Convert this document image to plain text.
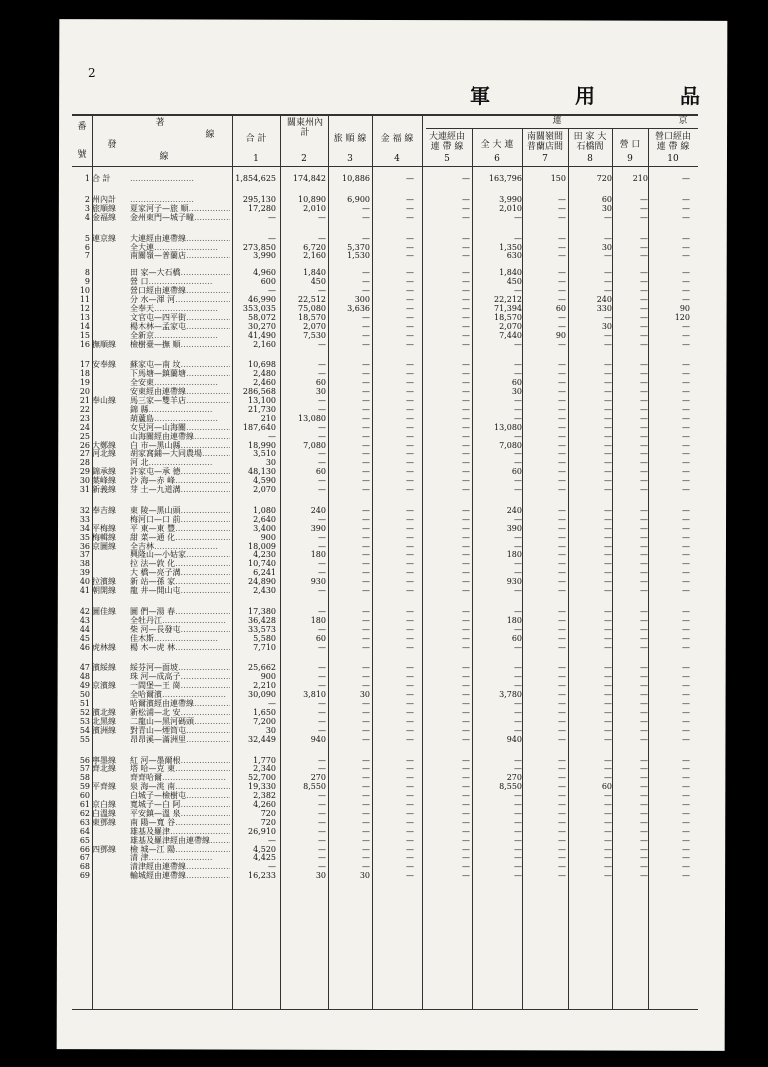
2
軍	用	品
番
號
著
線
發
線
連	京
合 計
1
關東州內 計
2
旅 順 線
3
金 福 線
4
大連經由 連 帶 線
5
全 大 連
6
南關嶺間 普蘭店間
7
田 家 大石橋間
8
營 口
9
營口經由 連 帶 線
10
1 合 計 ……………………	1,854,625	174,842	10,886	—	—	163,796	150	720	210	—
2 州內計 ……………………	295,130	10,890	6,900	—	—	3,990	—	60	—	—
3 旅順線	夏家河子—旅 順 ……………………	17,280	2,010	—	—	—	2,010	—	30	—	—
4 金福線	金州東門—城子疃 ……………………	—	—	—	—	—	—	—	—	—	—
5 連京線	大連經由連帶線 ……………………	—	—	—	—	—	—	—	—	—	—
6	全大連 ……………………	273,850	6,720	5,370	—	—	1,350	—	30	—	—
7	南關嶺—普蘭店 ……………………	3,990	2,160	1,530	—	—	630	—	—	—	—
8	田 家—大石橋 ……………………	4,960	1,840	—	—	—	1,840	—	—	—	—
9	營 口 ……………………	600	450	—	—	—	450	—	—	—	—
10	營口經由連帶線 ……………………	—	—	—	—	—	—	—	—	—	—
11	分 水—渾 河 ……………………	46,990	22,512	300	—	—	22,212	—	240	—	—
12	全奉天 ……………………	353,035	75,080	3,636	—	—	71,394	60	330	—	90
13	文官屯—四平街 ……………………	58,072	18,570	—	—	—	18,570	—	—	—	120
14	楊木林—孟家屯 ……………………	30,270	2,070	—	—	—	2,070	—	30	—	—
15	全新京 ……………………	41,490	7,530	—	—	—	7,440	90	—	—	—
16 撫順線	檢樹臺—撫 順 ……………………	2,160	—	—	—	—	—	—	—	—	—
17 安奉線	蘇家屯—南 坟 ……………………	10,698	—	—	—	—	—	—	—	—	—
18	下馬塘—鎮蘭塘 ……………………	2,480	—	—	—	—	—	—	—	—	—
19	全安東 ……………………	2,460	60	—	—	—	60	—	—	—	—
20	安東經由連帶線 ……………………	286,568	30	—	—	—	30	—	—	—	—
21 奉山線	馬三家—雙羊店 ……………………	13,100	—	—	—	—	—	—	—	—	—
22	錦 縣 ……………………	21,730	—	—	—	—	—	—	—	—	—
23	葫蘆島 ……………………	210	13,080	—	—	—	—	—	—	—	—
24	女兒河—山海關 ……………………	187,640	—	—	—	—	13,080	—	—	—	—
25	山海關經由連帶線 ……………………	—	—	—	—	—	—	—	—	—	—
26 大鄭線	白 市—黑山縣 ……………………	18,990	7,080	—	—	—	7,080	—	—	—	—
27 河北線	胡家窩鋪—大同農場 ……………………	3,510	—	—	—	—	—	—	—	—	—
28	河 北 ……………………	30	—	—	—	—	—	—	—	—	—
29 錦承線	許家屯—承 德 ……………………	48,130	60	—	—	—	60	—	—	—	—
30 葉峰線	沙 海—赤 峰 ……………………	4,590	—	—	—	—	—	—	—	—	—
31 新義線	芽 土—九道溝 ……………………	2,070	—	—	—	—	—	—	—	—	—
32 奉吉線	東 陵—黑山頭 ……………………	1,080	240	—	—	—	240	—	—	—	—
33	梅河口—口 前 ……………………	2,640	—	—	—	—	—	—	—	—	—
34 平梅線	平 東—東 豐 ……………………	3,400	390	—	—	—	390	—	—	—	—
35 梅輯線	甜 菜—通 化 ……………………	900	—	—	—	—	—	—	—	—	—
36 京圖線	全吉林 ……………………	18,009	—	—	—	—	—	—	—	—	—
37	興隆山—小姑家 ……………………	4,230	180	—	—	—	180	—	—	—	—
38	拉 法—敦 化 ……………………	10,740	—	—	—	—	—	—	—	—	—
39	大 橋—亮子溝 ……………………	6,241	—	—	—	—	—	—	—	—	—
40 拉濱線	新 站—孫 家 ……………………	24,890	930	—	—	—	930	—	—	—	—
41 朝開線	龍 井—開山屯 ……………………	2,430	—	—	—	—	—	—	—	—	—
42 圖佳線	圖 們—湯 春 ……………………	17,380	—	—	—	—	—	—	—	—	—
43	全牡丹江 ……………………	36,428	180	—	—	—	180	—	—	—	—
44	柴 河—長發屯 ……………………	33,573	—	—	—	—	—	—	—	—	—
45	佳木斯 ……………………	5,580	60	—	—	—	60	—	—	—	—
46 虎林線	楊 木—虎 林 ……………………	7,710	—	—	—	—	—	—	—	—	—
47 濱綏線	綏芬河—面坡 ……………………	25,662	—	—	—	—	—	—	—	—	—
48	珠 河—成高子 ……………………	900	—	—	—	—	—	—	—	—	—
49 京濱線	一間堡—王 崗 ……………………	2,210	—	—	—	—	—	—	—	—	—
50	全哈爾濱 ……………………	30,090	3,810	30	—	—	3,780	—	—	—	—
51	哈爾濱經由連帶線 ……………………	—	—	—	—	—	—	—	—	—	—
52 濱北線	新松浦—北 安 ……………………	1,650	—	—	—	—	—	—	—	—	—
53 北黑線	二龍山—黑河碼頭 ……………………	7,200	—	—	—	—	—	—	—	—	—
54 濱洲線	對青山—煙筒屯 ……………………	30	—	—	—	—	—	—	—	—	—
55	昂昂溪—滿洲里 ……………………	32,449	940	—	—	—	940	—	—	—	—
56 寧墨線	紅 河—墨爾根 ……………………	1,770	—	—	—	—	—	—	—	—	—
57 齊北線	塔 哈—克 東 ……………………	2,340	—	—	—	—	—	—	—	—	—
58	齊齊哈爾 ……………………	52,700	270	—	—	—	270	—	—	—	—
59 平齊線	泉 海—洮 南 ……………………	19,330	8,550	—	—	—	8,550	—	60	—	—
60	白城子—檢樹屯 ……………………	2,382	—	—	—	—	—	—	—	—	—
61 京白線	寬城子—白 阿 ……………………	4,260	—	—	—	—	—	—	—	—	—
62 白溫線	平安鎮—溫 泉 ……………………	720	—	—	—	—	—	—	—	—	—
63 東鄧線	南 陽—寬 谷 ……………………	720	—	—	—	—	—	—	—	—	—
64	雄基及羅津 ……………………	26,910	—	—	—	—	—	—	—	—	—
65	雄基及羅津經由連帶線 ……………………	—	—	—	—	—	—	—	—	—	—
66 四鄧線	檢 城—江 陽 ……………………	4,520	—	—	—	—	—	—	—	—	—
67	清 津 ……………………	4,425	—	—	—	—	—	—	—	—	—
68	清津經由連帶線 ……………………	—	—	—	—	—	—	—	—	—	—
69	輸城經由連帶線 ……………………	16,233	30	30	—	—	—	—	—	—	—
